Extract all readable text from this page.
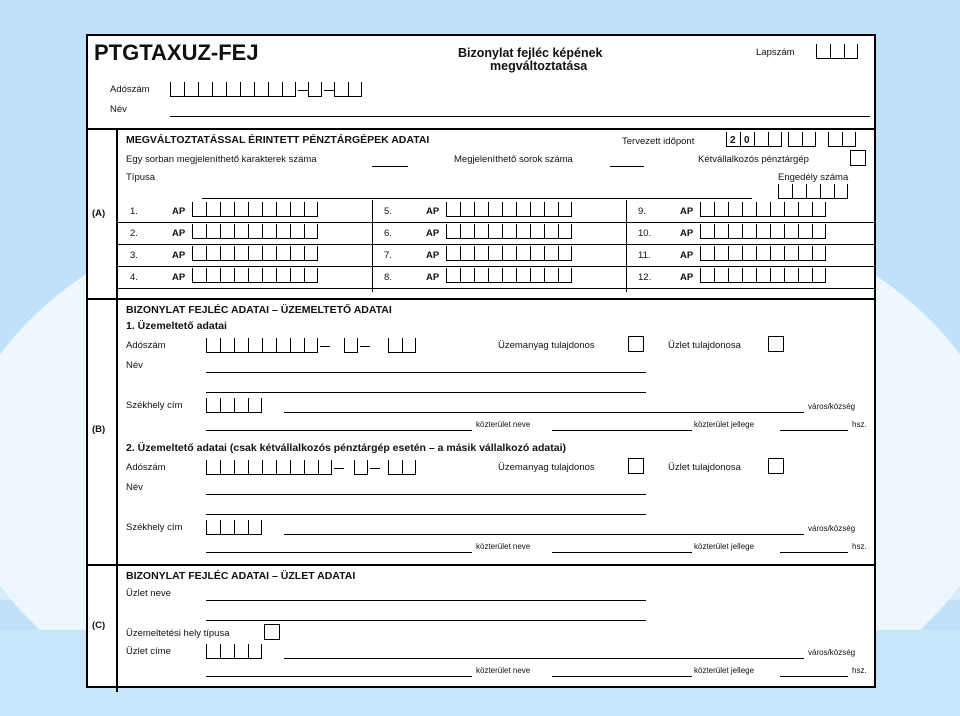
PTGTAXUZ-FEJ	Bizonylat fejléc képének
megváltoztatása
Lapszám
Adószám
Név
(A)
MEGVÁLTOZTATÁSSAL ÉRINTETT PÉNZTÁRGÉPEK ADATAI	Tervezett időpont	2 0
Egy sorban megjeleníthető karakterek száma	Megjeleníthető sorok száma	Kétvállalkozós pénztárgép
Típusa	Engedély száma
1.	AP
2.	AP
3.	AP
4.	AP
5.	AP
6.	AP
7.	AP
8.	AP
9.	AP
10.	AP
11.	AP
12.	AP
(B)
BIZONYLAT FEJLÉC ADATAI – ÜZEMELTETŐ ADATAI
1. Üzemeltető adatai
Adószám	Üzemanyag tulajdonos	Üzlet tulajdonosa
Név
Székhely cím	város/község
közterület neve	közterület jellege	hsz.
2. Üzemeltető adatai (csak kétvállalkozós pénztárgép esetén – a másik vállalkozó adatai)
Adószám	Üzemanyag tulajdonos	Üzlet tulajdonosa
Név
Székhely cím	város/község
közterület neve	közterület jellege	hsz.
(C)
BIZONYLAT FEJLÉC ADATAI – ÜZLET ADATAI
Üzlet neve
Üzemeltetési hely típusa
Üzlet címe	város/község
közterület neve	közterület jellege	hsz.
